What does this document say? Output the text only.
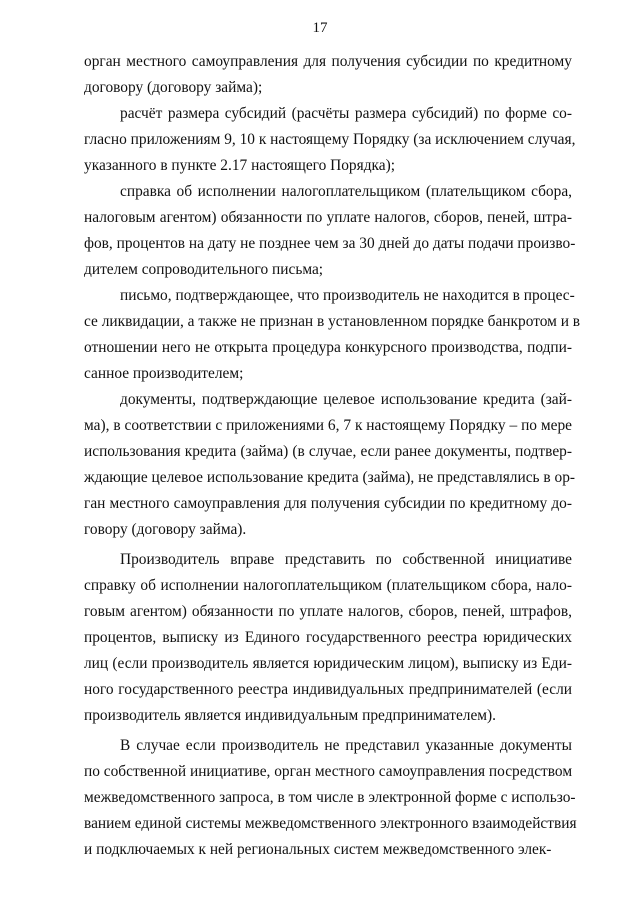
17
орган местного самоуправления для получения субсидии по кредитному
договору (договору займа);
расчёт размера субсидий (расчёты размера субсидий) по форме со-
гласно приложениям 9, 10 к настоящему Порядку (за исключением случая,
указанного в пункте 2.17 настоящего Порядка);
справка об исполнении налогоплательщиком (плательщиком сбора,
налоговым агентом) обязанности по уплате налогов, сборов, пеней, штра-
фов, процентов на дату не позднее чем за 30 дней до даты подачи произво-
дителем сопроводительного письма;
письмо, подтверждающее, что производитель не находится в процес-
се ликвидации, а также не признан в установленном порядке банкротом и в
отношении него не открыта процедура конкурсного производства, подпи-
санное производителем;
документы, подтверждающие целевое использование кредита (зай-
ма), в соответствии с приложениями 6, 7 к настоящему Порядку – по мере
использования кредита (займа) (в случае, если ранее документы, подтвер-
ждающие целевое использование кредита (займа), не представлялись в ор-
ган местного самоуправления для получения субсидии по кредитному до-
говору (договору займа).
Производитель вправе представить по собственной инициативе
справку об исполнении налогоплательщиком (плательщиком сбора, нало-
говым агентом) обязанности по уплате налогов, сборов, пеней, штрафов,
процентов, выписку из Единого государственного реестра юридических
лиц (если производитель является юридическим лицом), выписку из Еди-
ного государственного реестра индивидуальных предпринимателей (если
производитель является индивидуальным предпринимателем).
В случае если производитель не представил указанные документы
по собственной инициативе, орган местного самоуправления посредством
межведомственного запроса, в том числе в электронной форме с использо-
ванием единой системы межведомственного электронного взаимодействия
и подключаемых к ней региональных систем межведомственного элек-
